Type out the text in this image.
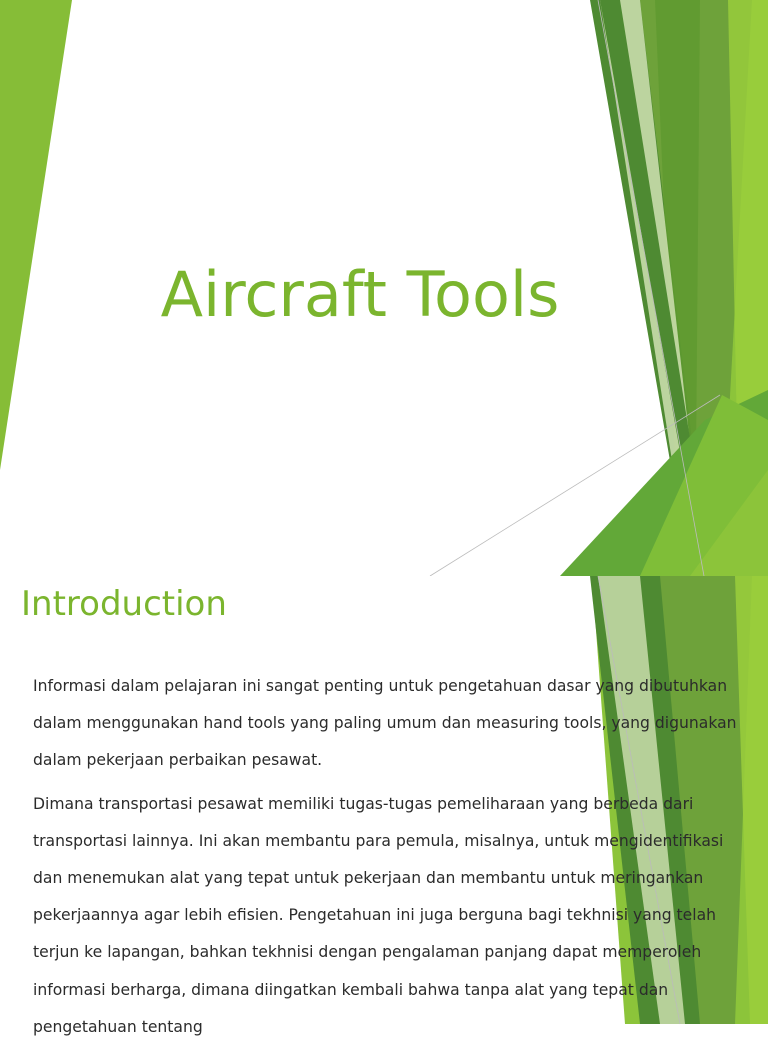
Aircraft Tools
Introduction

Informasi dalam pelajaran ini sangat penting untuk pengetahuan dasar yang dibutuhkan dalam menggunakan hand tools yang paling umum dan measuring tools, yang digunakan dalam pekerjaan perbaikan pesawat.

Dimana transportasi pesawat memiliki tugas-tugas pemeliharaan yang berbeda dari transportasi lainnya. Ini akan membantu para pemula, misalnya, untuk mengidentifikasi dan menemukan alat yang tepat untuk pekerjaan dan membantu untuk meringankan pekerjaannya agar lebih efisien. Pengetahuan ini juga berguna bagi tekhnisi yang telah terjun ke lapangan, bahkan tekhnisi dengan pengalaman panjang dapat memperoleh informasi berharga, dimana diingatkan kembali bahwa tanpa alat yang tepat dan pengetahuan tentang
